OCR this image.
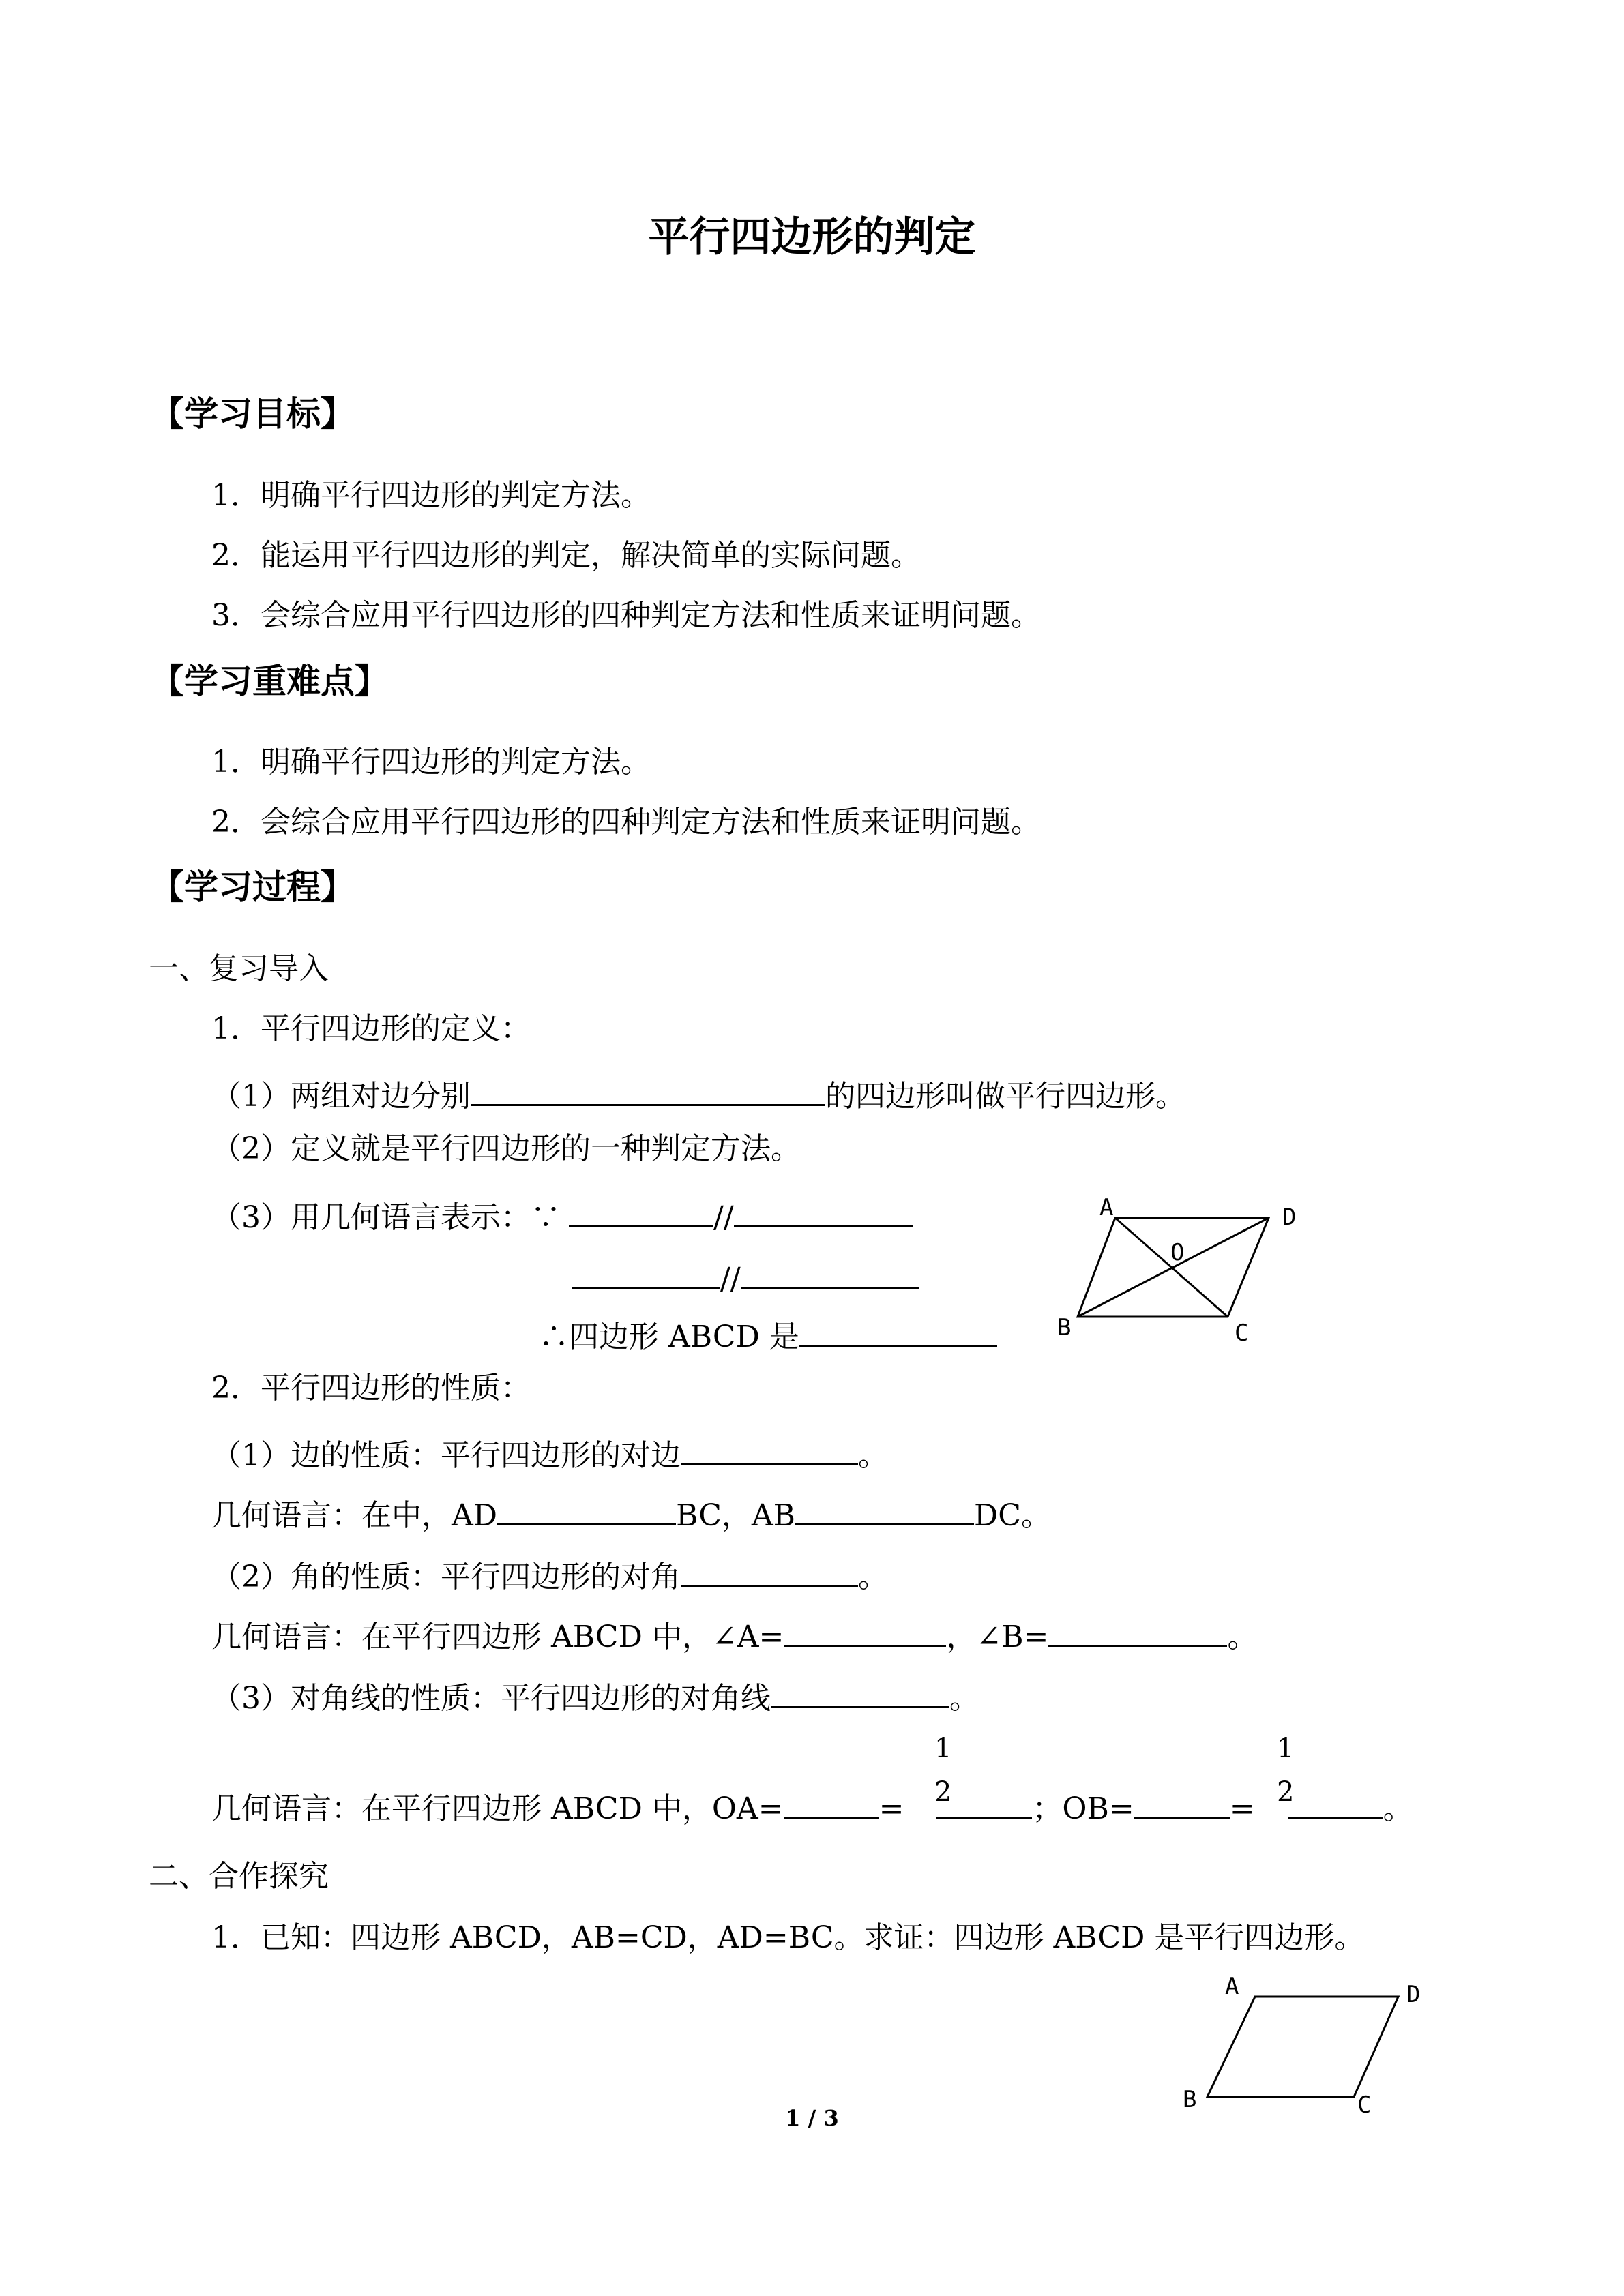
平行四边形的判定
【学习目标】
1．明确平行四边形的判定方法。
2．能运用平行四边形的判定，解决简单的实际问题。
3．会综合应用平行四边形的四种判定方法和性质来证明问题。
【学习重难点】
1．明确平行四边形的判定方法。
2．会综合应用平行四边形的四种判定方法和性质来证明问题。
【学习过程】
一、复习导入
1．平行四边形的定义：
（1）两组对边分别	的四边形叫做平行四边形。
（2）定义就是平行四边形的一种判定方法。
（3）用几何语言表示：∵	//
//
∴四边形 ABCD 是
A	D
B	C
O
2．平行四边形的性质：
（1）边的性质：平行四边形的对边	。
几何语言：在中，AD	BC，AB	DC。
（2）角的性质：平行四边形的对角	。
几何语言：在平行四边形 ABCD 中，∠A=	，∠B=	。
（3）对角线的性质：平行四边形的对角线	。
1
2
1
2
几何语言：在平行四边形 ABCD 中，OA=	=	；OB=	=	。
二、合作探究
1．已知：四边形 ABCD，AB=CD，AD=BC。求证：四边形 ABCD 是平行四边形。
A	D
B	C
1 / 3
